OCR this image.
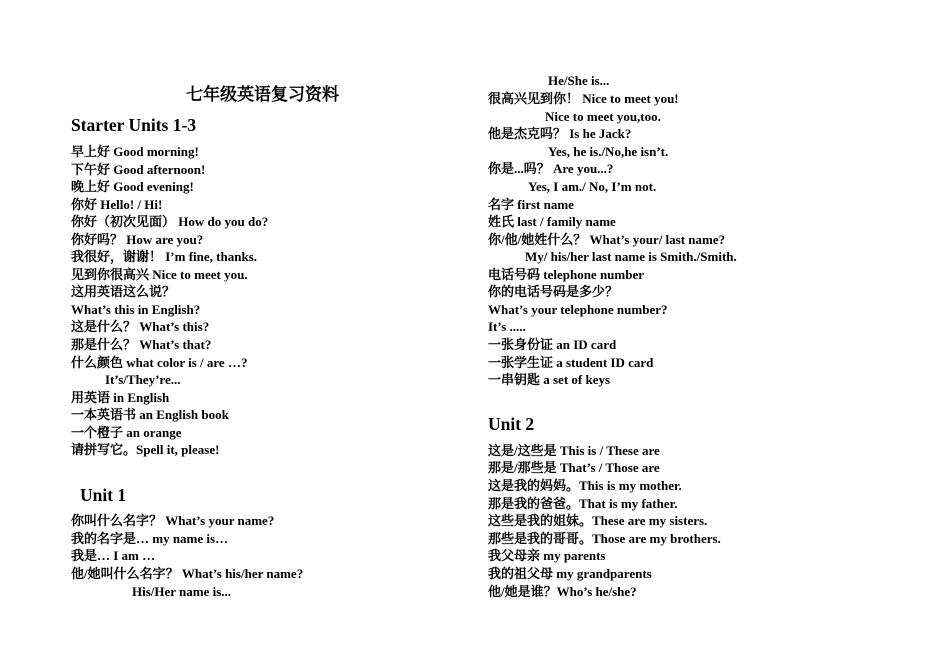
七年级英语复习资料
Starter Units 1-3
早上好 Good morning!
下午好 Good afternoon!
晚上好 Good evening!
你好 Hello! / Hi!
你好（初次见面） How do you do?
你好吗？ How are you?
我很好，谢谢！ I’m fine, thanks.
见到你很高兴 Nice to meet you.
这用英语这么说？
What’s this in English?
这是什么？ What’s this?
那是什么？ What’s that?
什么颜色 what color is / are …?
It’s/They’re...
用英语 in English
一本英语书 an English book
一个橙子 an orange
请拼写它。Spell it, please!
Unit 1
你叫什么名字？ What’s your name?
我的名字是… my name is…
我是… I am …
他/她叫什么名字？ What’s his/her name?
His/Her name is...
He/She is...
很高兴见到你！ Nice to meet you!
Nice to meet you,too.
他是杰克吗？ Is he Jack?
Yes, he is./No,he isn’t.
你是...吗？ Are you...?
Yes, I am./ No, I’m not.
名字 first name
姓氏 last / family name
你/他/她姓什么？ What’s your/ last name?
My/ his/her last name is Smith./Smith.
电话号码 telephone number
你的电话号码是多少？
What’s your telephone number?
It’s .....
一张身份证 an ID card
一张学生证 a student ID card
一串钥匙 a set of keys
Unit 2
这是/这些是 This is / These are
那是/那些是 That’s / Those are
这是我的妈妈。This is my mother.
那是我的爸爸。That is my father.
这些是我的姐妹。These are my sisters.
那些是我的哥哥。Those are my brothers.
我父母亲 my parents
我的祖父母 my grandparents
他/她是谁？Who’s he/she?
